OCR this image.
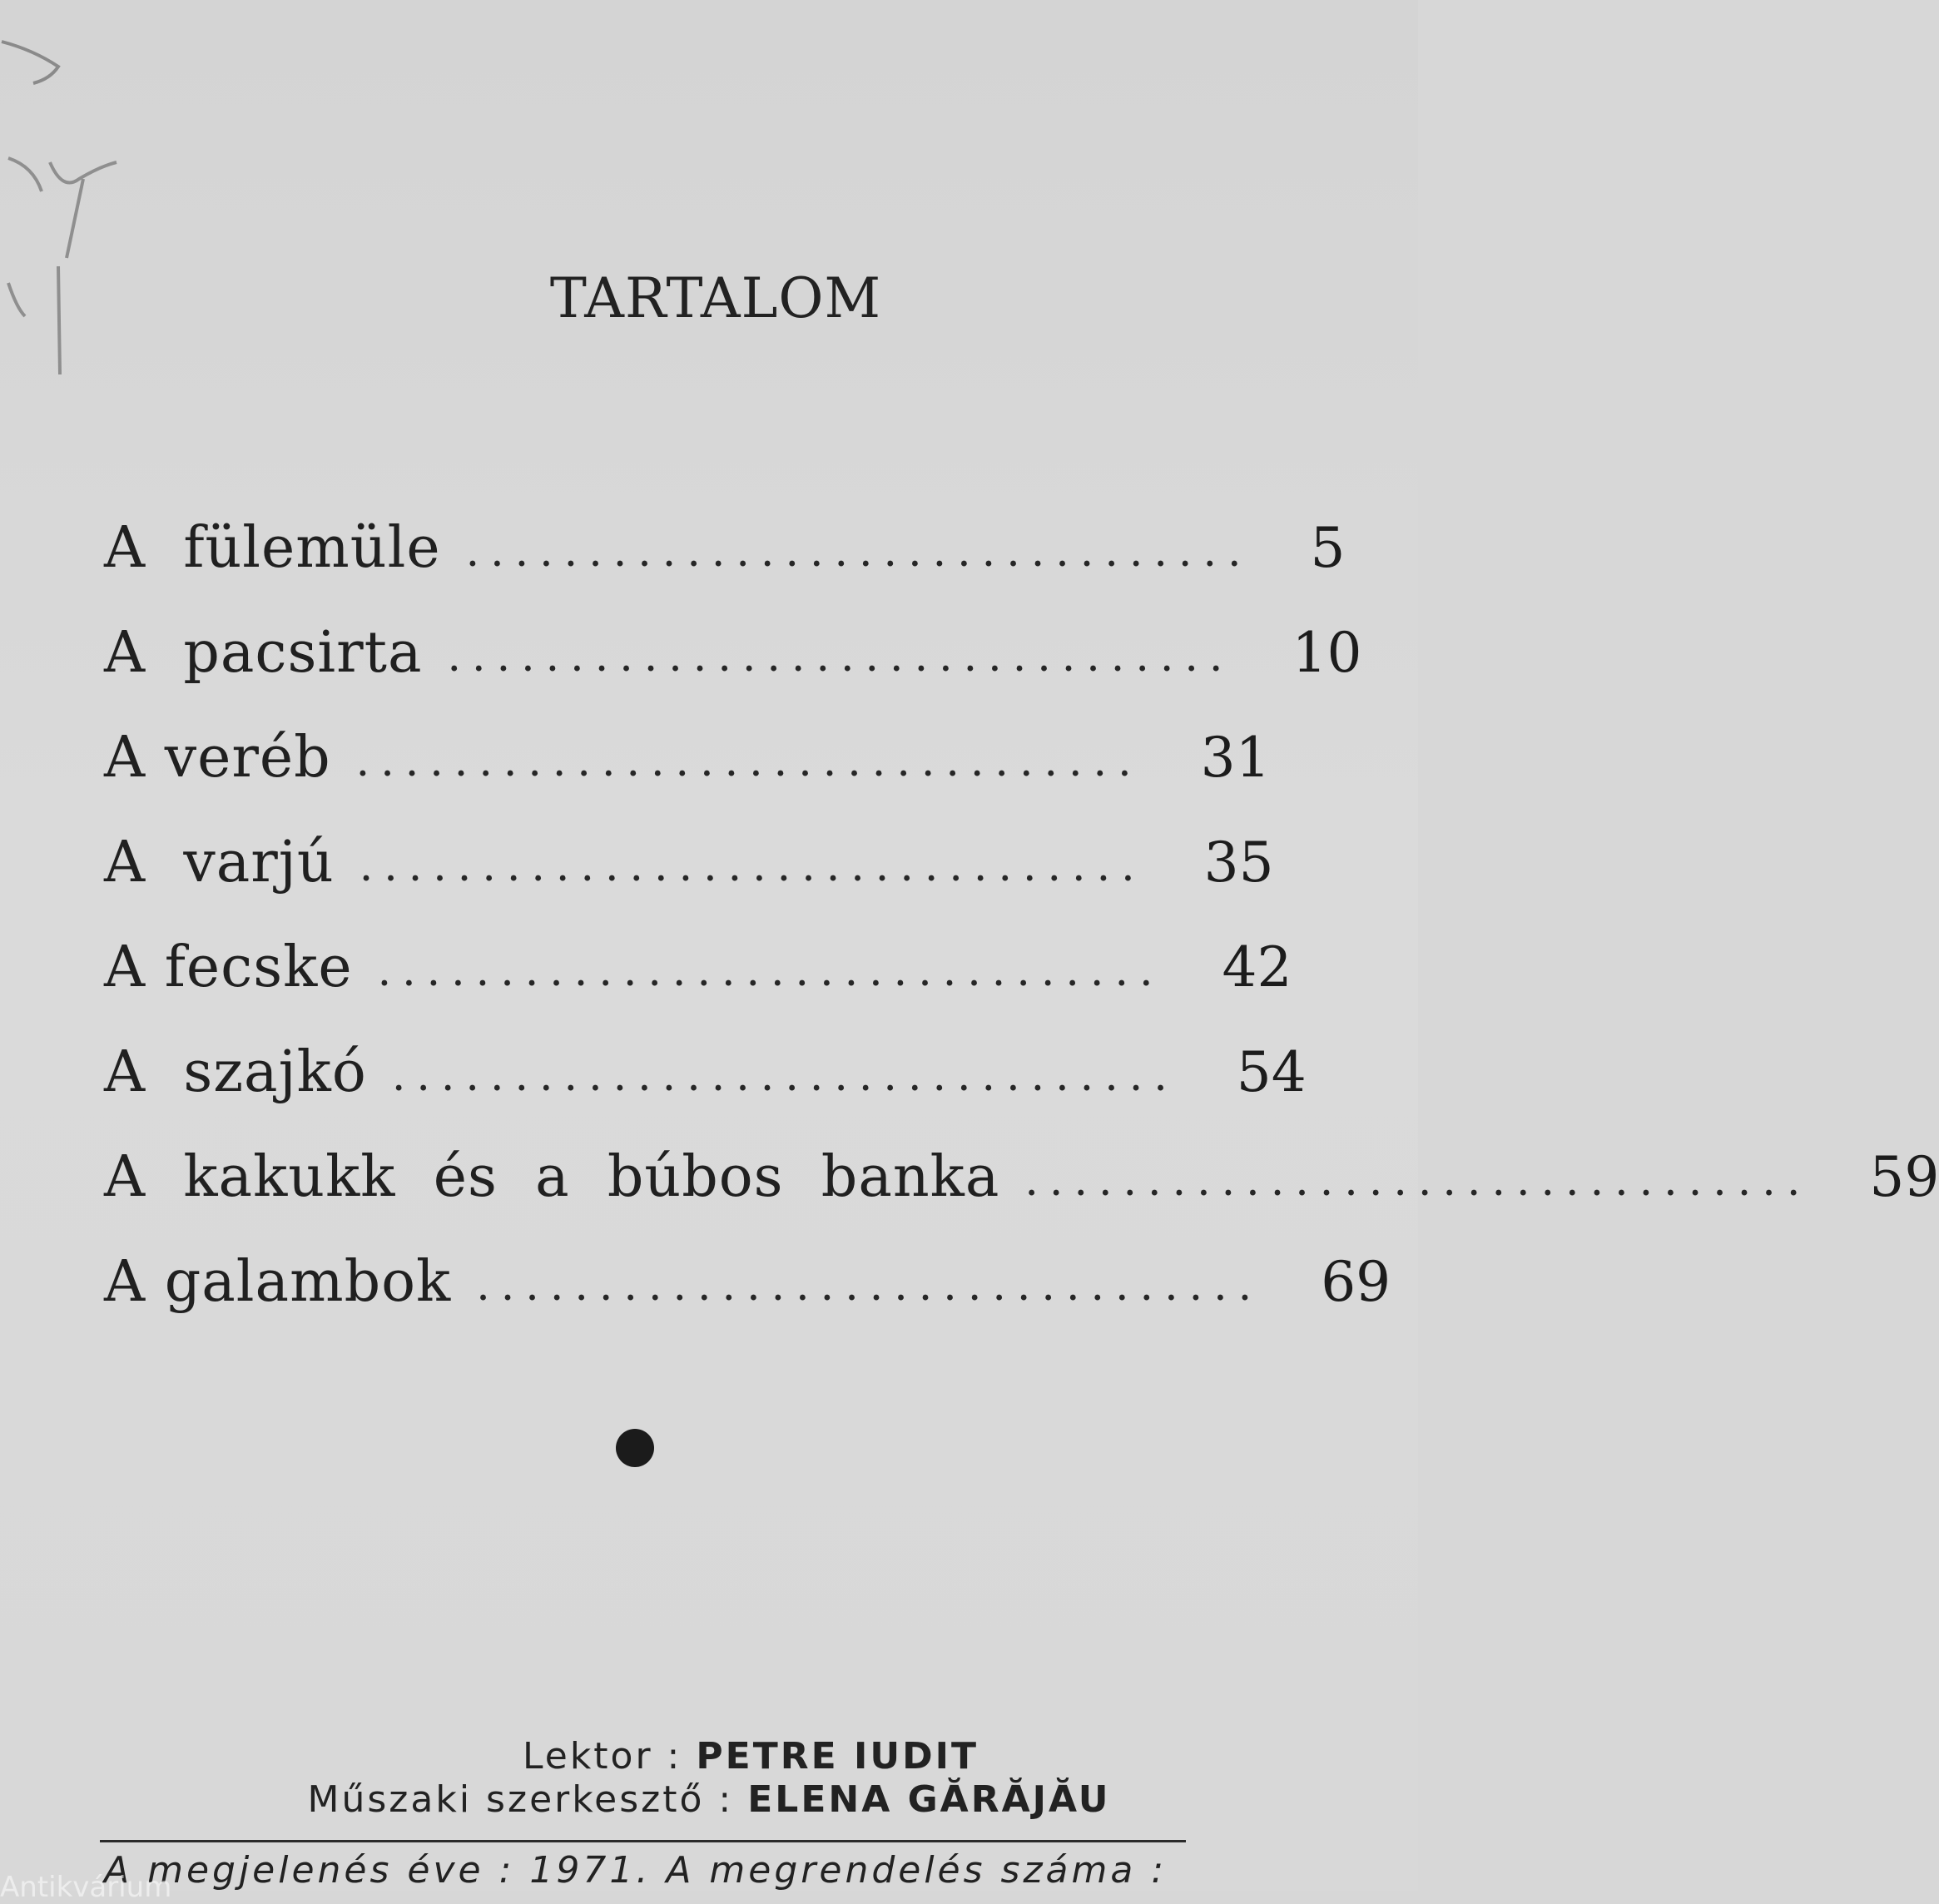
TARTALOM
A  fülemüle ................................ 5
A  pacsirta ................................ 10
A veréb ................................ 31
A  varjú ................................ 35
A fecske ................................ 42
A  szajkó ................................ 54
A  kakukk  és  a  búbos  banka ................................ 59
A galambok ................................ 69
Lektor : PETRE IUDIT
Műszaki szerkesztő : ELENA GĂRĂJĂU
A megjelenés éve : 1971. A megrendelés száma :
Antikvárium
